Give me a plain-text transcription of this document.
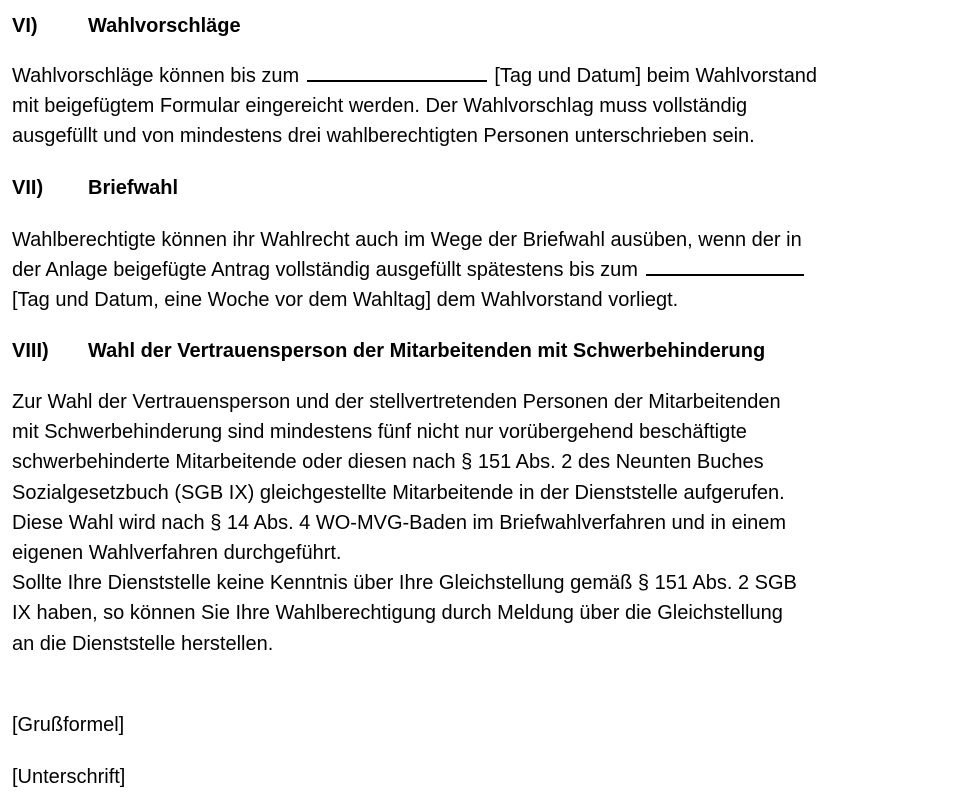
VI)	Wahlvorschläge
Wahlvorschläge können bis zum	[Tag und Datum] beim Wahlvorstand
mit beigefügtem Formular eingereicht werden. Der Wahlvorschlag muss vollständig
ausgefüllt und von mindestens drei wahlberechtigten Personen unterschrieben sein.
VII) Briefwahl
Wahlberechtigte können ihr Wahlrecht auch im Wege der Briefwahl ausüben, wenn der in
der Anlage beigefügte Antrag vollständig ausgefüllt spätestens bis zum
[Tag und Datum, eine Woche vor dem Wahltag] dem Wahlvorstand vorliegt.
VIII) Wahl der Vertrauensperson der Mitarbeitenden mit Schwerbehinderung
Zur Wahl der Vertrauensperson und der stellvertretenden Personen der Mitarbeitenden
mit Schwerbehinderung sind mindestens fünf nicht nur vorübergehend beschäftigte
schwerbehinderte Mitarbeitende oder diesen nach § 151 Abs. 2 des Neunten Buches
Sozialgesetzbuch (SGB IX) gleichgestellte Mitarbeitende in der Dienststelle aufgerufen.
Diese Wahl wird nach § 14 Abs. 4 WO-MVG-Baden im Briefwahlverfahren und in einem
eigenen Wahlverfahren durchgeführt.
Sollte Ihre Dienststelle keine Kenntnis über Ihre Gleichstellung gemäß § 151 Abs. 2 SGB
IX haben, so können Sie Ihre Wahlberechtigung durch Meldung über die Gleichstellung
an die Dienststelle herstellen.
[Grußformel]
[Unterschrift]
